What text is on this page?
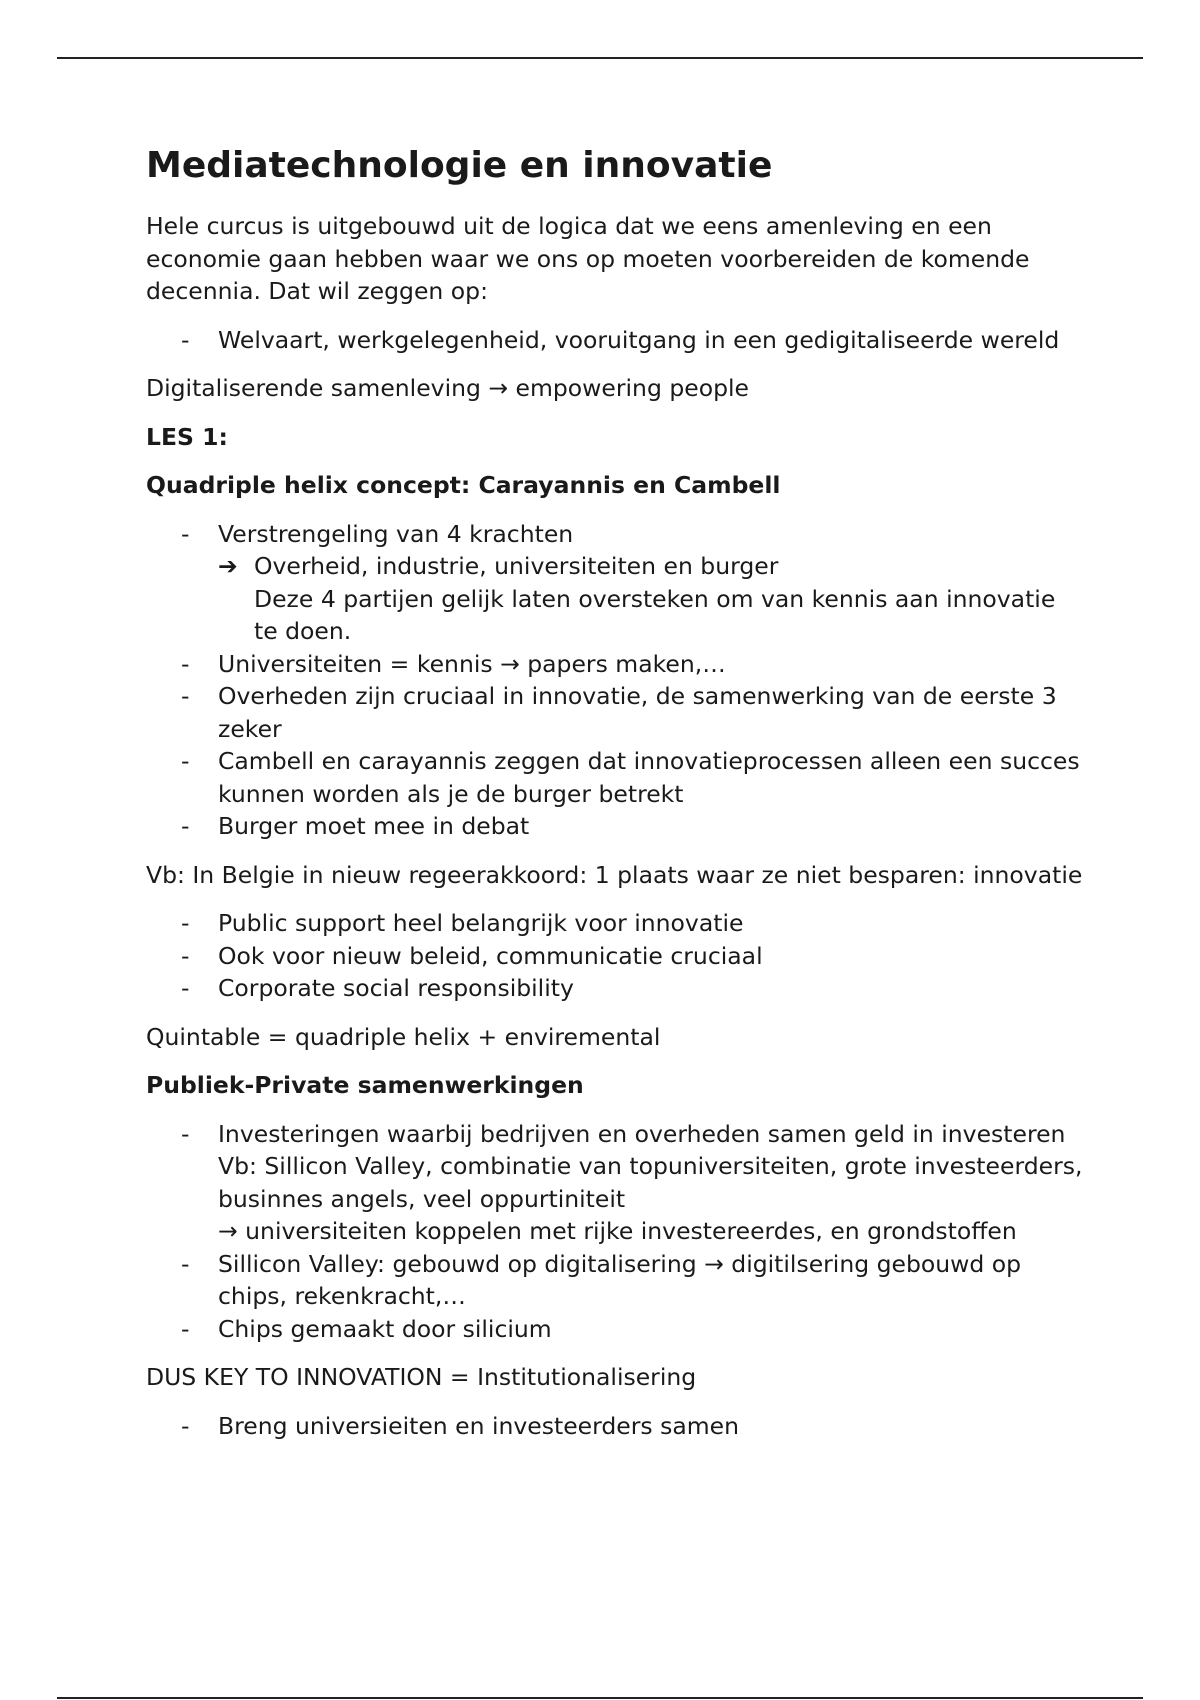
Mediatechnologie en innovatie

Hele curcus is uitgebouwd uit de logica dat we eens amenleving en een economie gaan hebben waar we ons op moeten voorbereiden de komende decennia. Dat wil zeggen op:

- Welvaart, werkgelegenheid, vooruitgang in een gedigitaliseerde wereld

Digitaliserende samenleving → empowering people

LES 1:

Quadriple helix concept: Carayannis en Cambell

- Verstrengeling van 4 krachten
➔ Overheid, industrie, universiteiten en burger
Deze 4 partijen gelijk laten oversteken om van kennis aan innovatie te doen.
- Universiteiten = kennis → papers maken,…
- Overheden zijn cruciaal in innovatie, de samenwerking van de eerste 3 zeker
- Cambell en carayannis zeggen dat innovatieprocessen alleen een succes kunnen worden als je de burger betrekt
- Burger moet mee in debat

Vb: In Belgie in nieuw regeerakkoord: 1 plaats waar ze niet besparen: innovatie

- Public support heel belangrijk voor innovatie
- Ook voor nieuw beleid, communicatie cruciaal
- Corporate social responsibility

Quintable = quadriple helix + enviremental

Publiek-Private samenwerkingen

- Investeringen waarbij bedrijven en overheden samen geld in investeren
Vb: Sillicon Valley, combinatie van topuniversiteiten, grote investeerders, businnes angels, veel oppurtiniteit
→ universiteiten koppelen met rijke investereerdes, en grondstoffen
- Sillicon Valley: gebouwd op digitalisering → digitilsering gebouwd op chips, rekenkracht,…
- Chips gemaakt door silicium

DUS KEY TO INNOVATION = Institutionalisering

- Breng universieiten en investeerders samen
